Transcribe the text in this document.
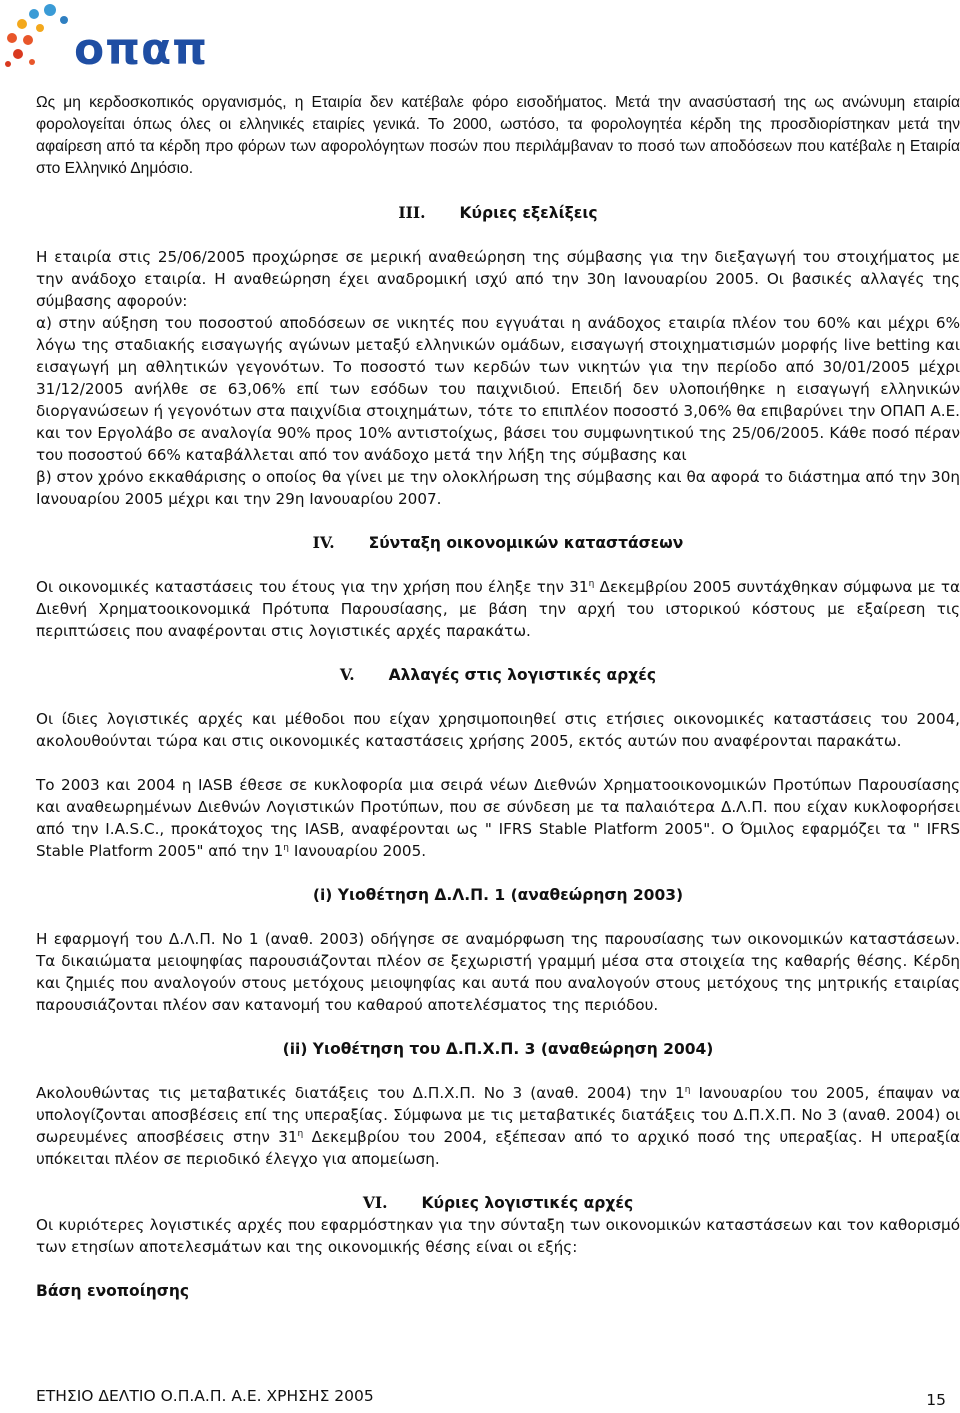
οπαπ

Ως μη κερδοσκοπικός οργανισμός, η Εταιρία δεν κατέβαλε φόρο εισοδήματος. Μετά την ανασύστασή της ως ανώνυμη εταιρία φορολογείται όπως όλες οι ελληνικές εταιρίες γενικά. Το 2000, ωστόσο, τα φορολογητέα κέρδη της προσδιορίστηκαν μετά την αφαίρεση από τα κέρδη προ φόρων των αφορολόγητων ποσών που περιλάμβαναν το ποσό των αποδόσεων που κατέβαλε η Εταιρία στο Ελληνικό Δημόσιο.

III. Κύριες εξελίξεις

Η εταιρία στις 25/06/2005 προχώρησε σε μερική αναθεώρηση της σύμβασης για την διεξαγωγή του στοιχήματος με την ανάδοχο εταιρία. Η αναθεώρηση έχει αναδρομική ισχύ από την 30η Ιανουαρίου 2005. Οι βασικές αλλαγές της σύμβασης αφορούν:

α) στην αύξηση του ποσοστού αποδόσεων σε νικητές που εγγυάται η ανάδοχος εταιρία πλέον του 60% και μέχρι 6% λόγω της σταδιακής εισαγωγής αγώνων μεταξύ ελληνικών ομάδων, εισαγωγή στοιχηματισμών μορφής live betting και εισαγωγή μη αθλητικών γεγονότων. Το ποσοστό των κερδών των νικητών για την περίοδο από 30/01/2005 μέχρι 31/12/2005 ανήλθε σε 63,06% επί των εσόδων του παιχνιδιού. Επειδή δεν υλοποιήθηκε η εισαγωγή ελληνικών διοργανώσεων ή γεγονότων στα παιχνίδια στοιχημάτων, τότε το επιπλέον ποσοστό 3,06% θα επιβαρύνει την ΟΠΑΠ Α.Ε. και τον Εργολάβο σε αναλογία 90% προς 10% αντιστοίχως, βάσει του συμφωνητικού της 25/06/2005. Κάθε ποσό πέραν του ποσοστού 66% καταβάλλεται από τον ανάδοχο μετά την λήξη της σύμβασης και

β) στον χρόνο εκκαθάρισης ο οποίος θα γίνει με την ολοκλήρωση της σύμβασης και θα αφορά το διάστημα από την 30η Ιανουαρίου 2005 μέχρι και την 29η Ιανουαρίου 2007.

IV. Σύνταξη οικονομικών καταστάσεων

Οι οικονομικές καταστάσεις του έτους για την χρήση που έληξε την $31^\eta$ Δεκεμβρίου 2005 συντάχθηκαν σύμφωνα με τα Διεθνή Χρηματοοικονομικά Πρότυπα Παρουσίασης, με βάση την αρχή του ιστορικού κόστους με εξαίρεση τις περιπτώσεις που αναφέρονται στις λογιστικές αρχές παρακάτω.

V. Αλλαγές στις λογιστικές αρχές

Οι ίδιες λογιστικές αρχές και μέθοδοι που είχαν χρησιμοποιηθεί στις ετήσιες οικονομικές καταστάσεις του 2004, ακολουθούνται τώρα και στις οικονομικές καταστάσεις χρήσης 2005, εκτός αυτών που αναφέρονται παρακάτω.

Το 2003 και 2004 η IASB έθεσε σε κυκλοφορία μια σειρά νέων Διεθνών Χρηματοοικονομικών Προτύπων Παρουσίασης και αναθεωρημένων Διεθνών Λογιστικών Προτύπων, που σε σύνδεση με τα παλαιότερα Δ.Λ.Π. που είχαν κυκλοφορήσει από την I.A.S.C., προκάτοχος της IASB, αναφέρονται ως " IFRS Stable Platform 2005". Ο Όμιλος εφαρμόζει τα " IFRS Stable Platform 2005" από την $1^\eta$ Ιανουαρίου 2005.

(i) Υιοθέτηση Δ.Λ.Π. 1 (αναθεώρηση 2003)

Η εφαρμογή του Δ.Λ.Π. No 1 (αναθ. 2003) οδήγησε σε αναμόρφωση της παρουσίασης των οικονομικών καταστάσεων. Τα δικαιώματα μειοψηφίας παρουσιάζονται πλέον σε ξεχωριστή γραμμή μέσα στα στοιχεία της καθαρής θέσης. Κέρδη και ζημιές που αναλογούν στους μετόχους μειοψηφίας και αυτά που αναλογούν στους μετόχους της μητρικής εταιρίας παρουσιάζονται πλέον σαν κατανομή του καθαρού αποτελέσματος της περιόδου.

(ii) Υιοθέτηση του Δ.Π.Χ.Π. 3 (αναθεώρηση 2004)

Ακολουθώντας τις μεταβατικές διατάξεις του Δ.Π.Χ.Π. No 3 (αναθ. 2004) την $1^\eta$ Ιανουαρίου του 2005, έπαψαν να υπολογίζονται αποσβέσεις επί της υπεραξίας. Σύμφωνα με τις μεταβατικές διατάξεις του Δ.Π.Χ.Π. No 3 (αναθ. 2004) οι σωρευμένες αποσβέσεις στην $31^\eta$ Δεκεμβρίου του 2004, εξέπεσαν από το αρχικό ποσό της υπεραξίας. Η υπεραξία υπόκειται πλέον σε περιοδικό έλεγχο για απομείωση.

VI. Κύριες λογιστικές αρχές

Οι κυριότερες λογιστικές αρχές που εφαρμόστηκαν για την σύνταξη των οικονομικών καταστάσεων και τον καθορισμό των ετησίων αποτελεσμάτων και της οικονομικής θέσης είναι οι εξής:

Βάση ενοποίησης

ΕΤΗΣΙΟ ΔΕΛΤΙΟ Ο.Π.Α.Π. Α.Ε. ΧΡΗΣΗΣ 2005	15
